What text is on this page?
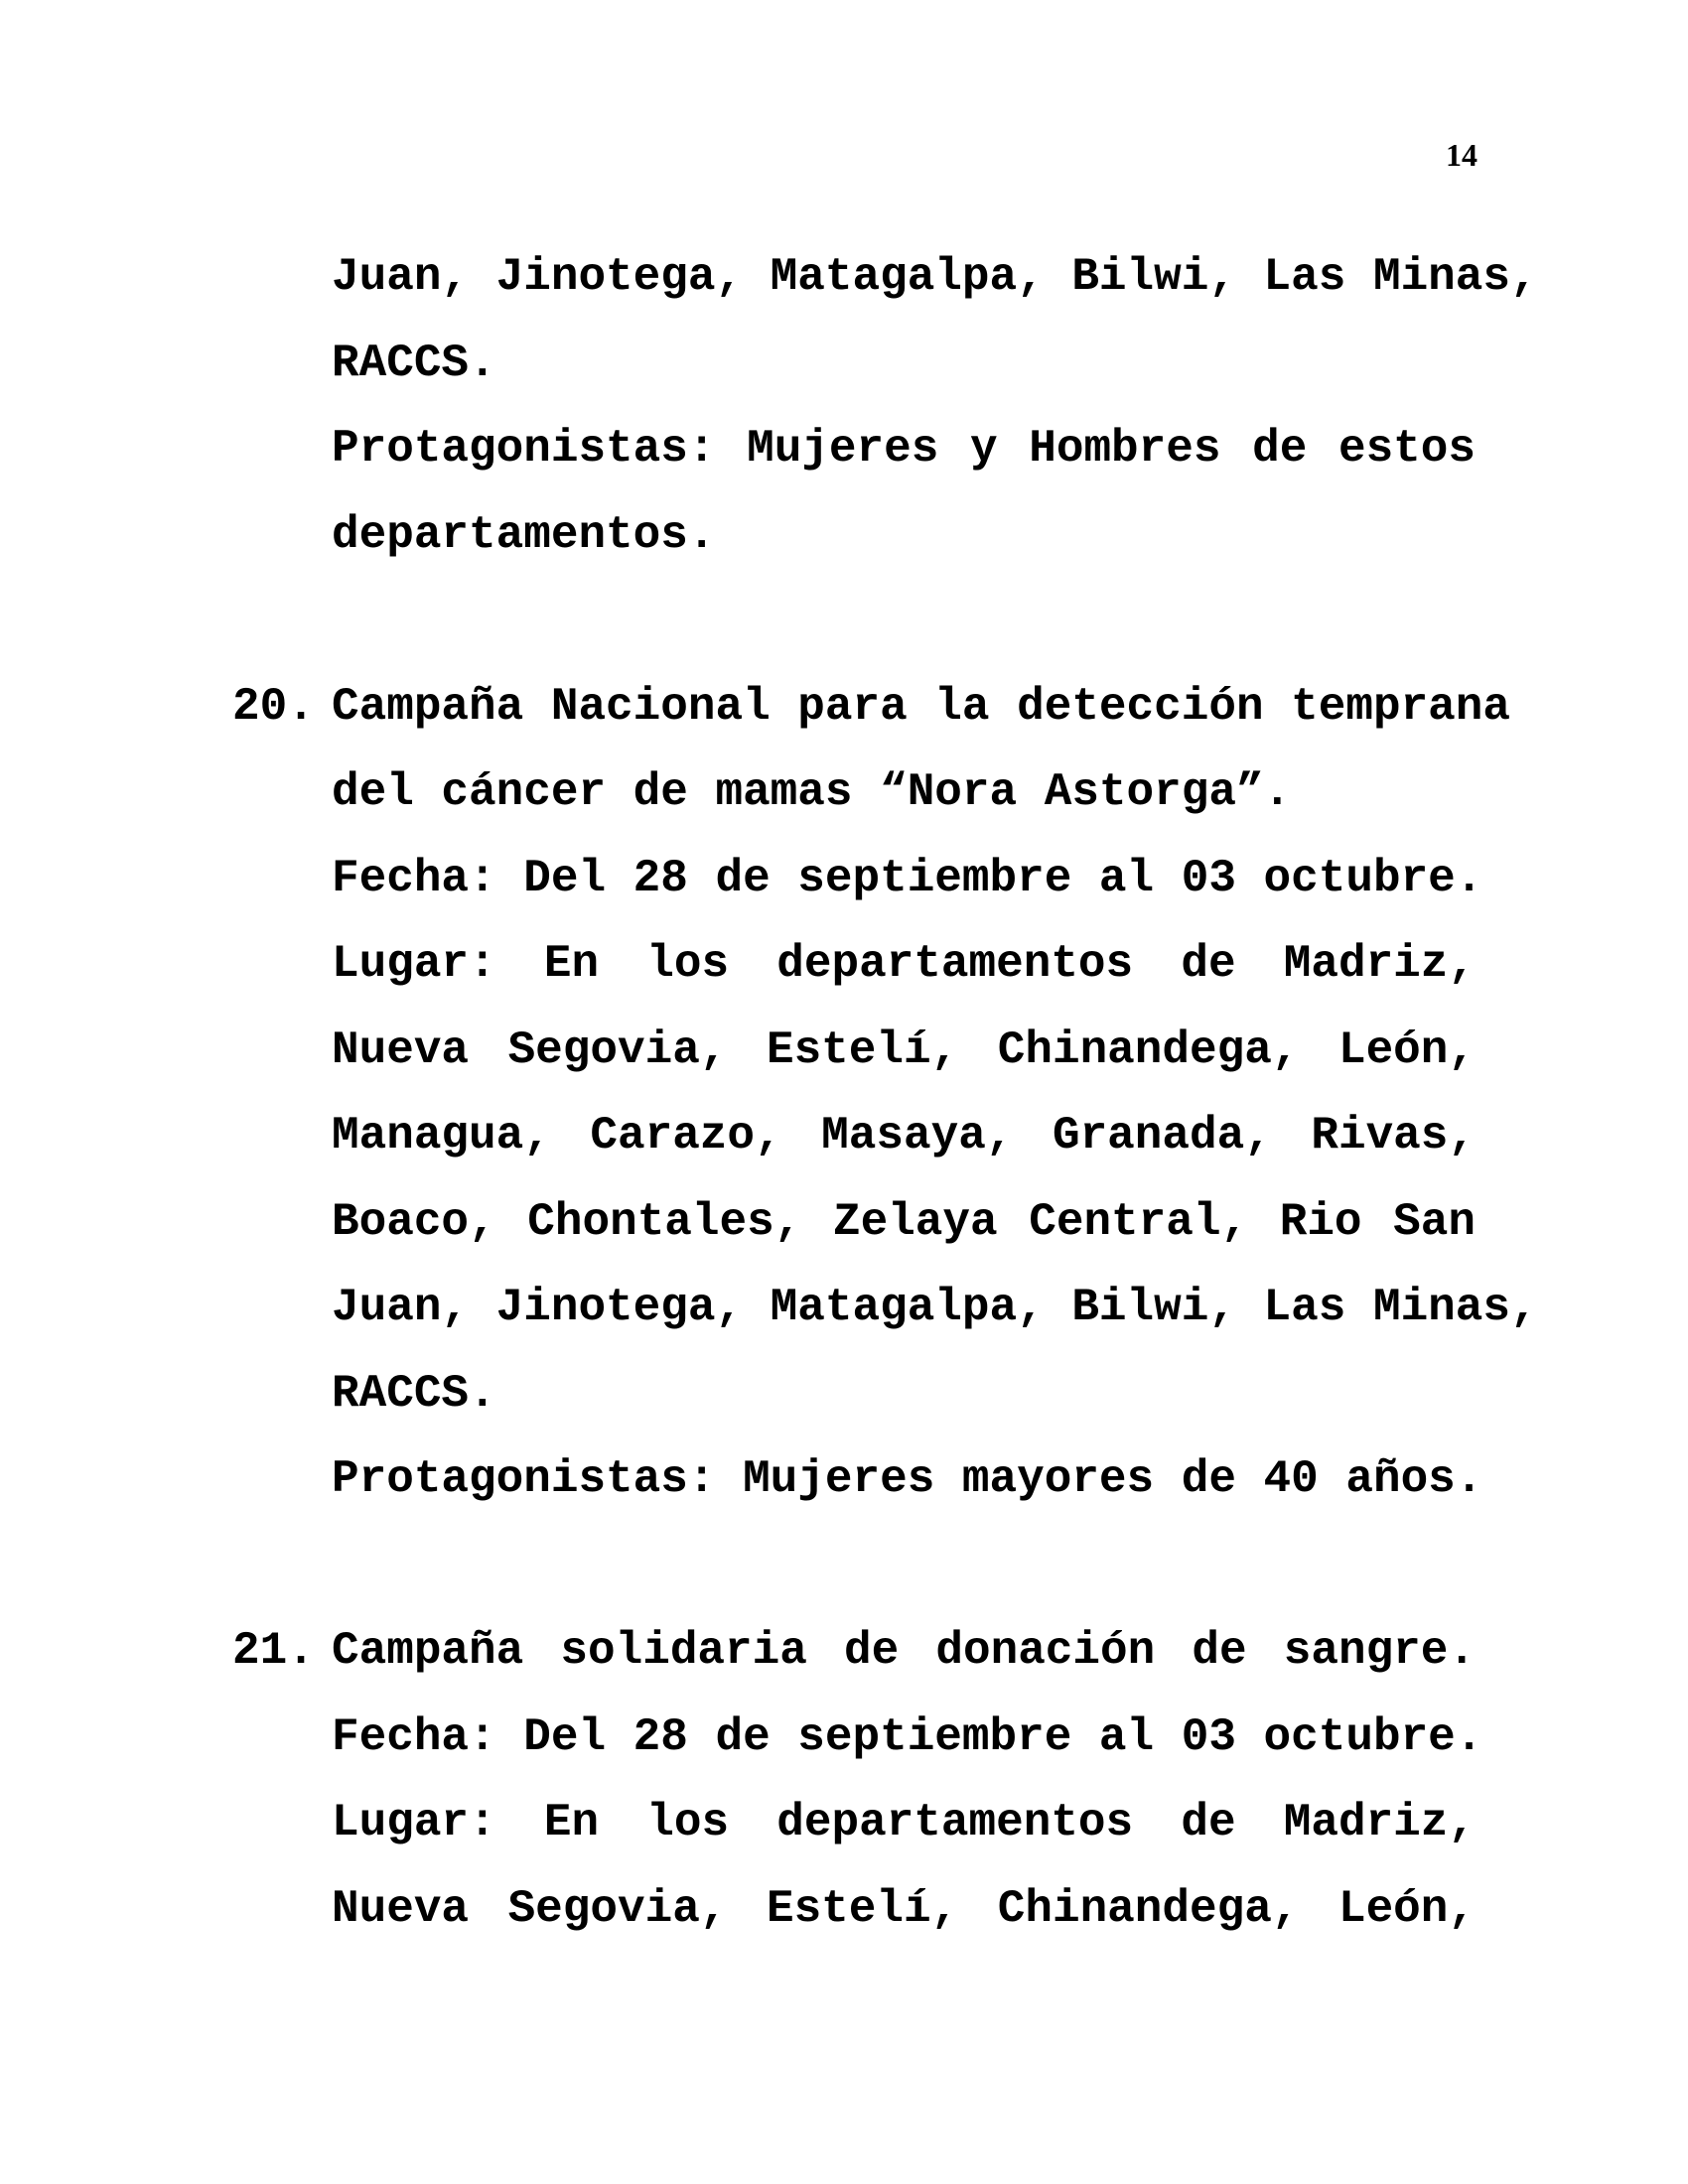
14
Juan, Jinotega, Matagalpa, Bilwi, Las Minas,
RACCS.
Protagonistas: Mujeres y Hombres de estos
departamentos.
20. Campaña Nacional para la detección temprana
del cáncer de mamas “Nora Astorga”.
Fecha: Del 28 de septiembre al 03 octubre.
Lugar: En los departamentos de Madriz,
Nueva Segovia, Estelí, Chinandega, León,
Managua, Carazo, Masaya, Granada, Rivas,
Boaco, Chontales, Zelaya Central, Rio San
Juan, Jinotega, Matagalpa, Bilwi, Las Minas,
RACCS.
Protagonistas: Mujeres mayores de 40 años.
21. Campaña solidaria de donación de sangre.
Fecha: Del 28 de septiembre al 03 octubre.
Lugar: En los departamentos de Madriz,
Nueva Segovia, Estelí, Chinandega, León,
